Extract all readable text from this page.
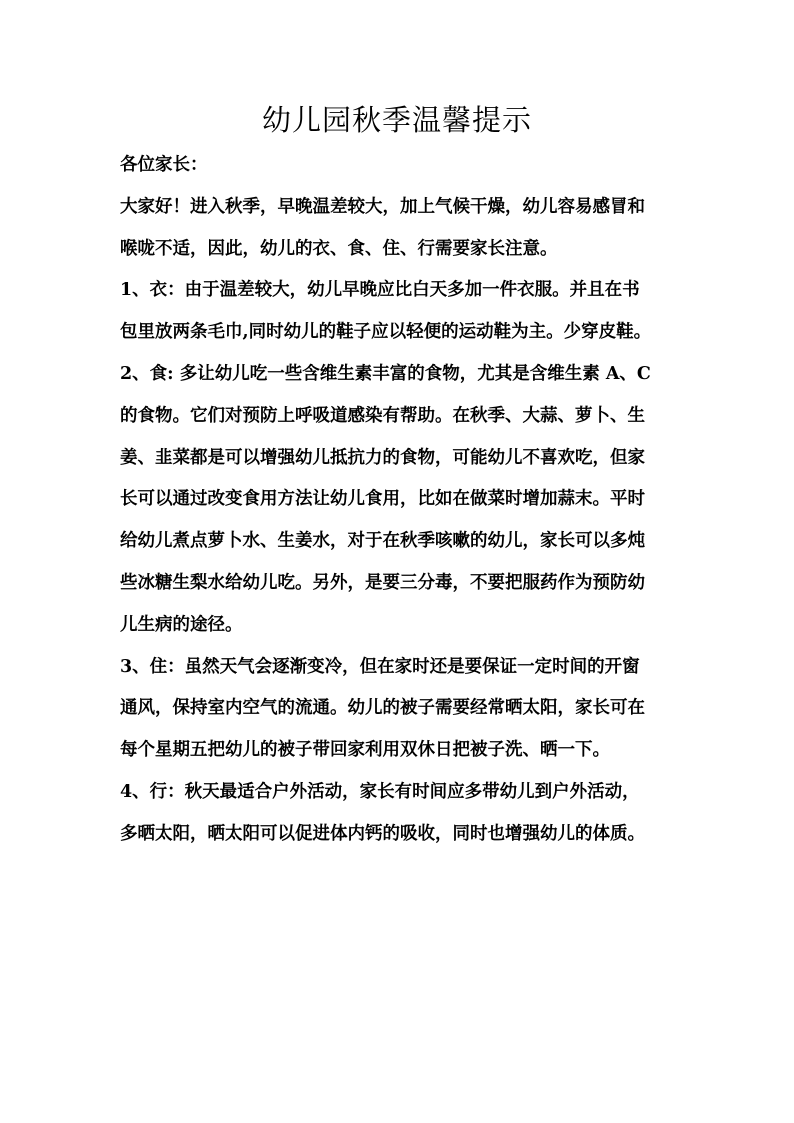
幼儿园秋季温馨提示

各位家长：

大家好！进入秋季，早晚温差较大，加上气候干燥，幼儿容易感冒和
喉咙不适，因此，幼儿的衣、食、住、行需要家长注意。

1、衣：由于温差较大，幼儿早晚应比白天多加一件衣服。并且在书
包里放两条毛巾,同时幼儿的鞋子应以轻便的运动鞋为主。少穿皮鞋。

2、食: 多让幼儿吃一些含维生素丰富的食物，尤其是含维生素 A、C
的食物。它们对预防上呼吸道感染有帮助。在秋季、大蒜、萝卜、生
姜、韭菜都是可以增强幼儿抵抗力的食物，可能幼儿不喜欢吃，但家
长可以通过改变食用方法让幼儿食用，比如在做菜时增加蒜末。平时
给幼儿煮点萝卜水、生姜水，对于在秋季咳嗽的幼儿，家长可以多炖
些冰糖生梨水给幼儿吃。另外，是要三分毒，不要把服药作为预防幼
儿生病的途径。

3、住：虽然天气会逐渐变冷，但在家时还是要保证一定时间的开窗
通风，保持室内空气的流通。幼儿的被子需要经常晒太阳，家长可在
每个星期五把幼儿的被子带回家利用双休日把被子洗、晒一下。

4、行：秋天最适合户外活动，家长有时间应多带幼儿到户外活动，
多晒太阳，晒太阳可以促进体内钙的吸收，同时也增强幼儿的体质。
